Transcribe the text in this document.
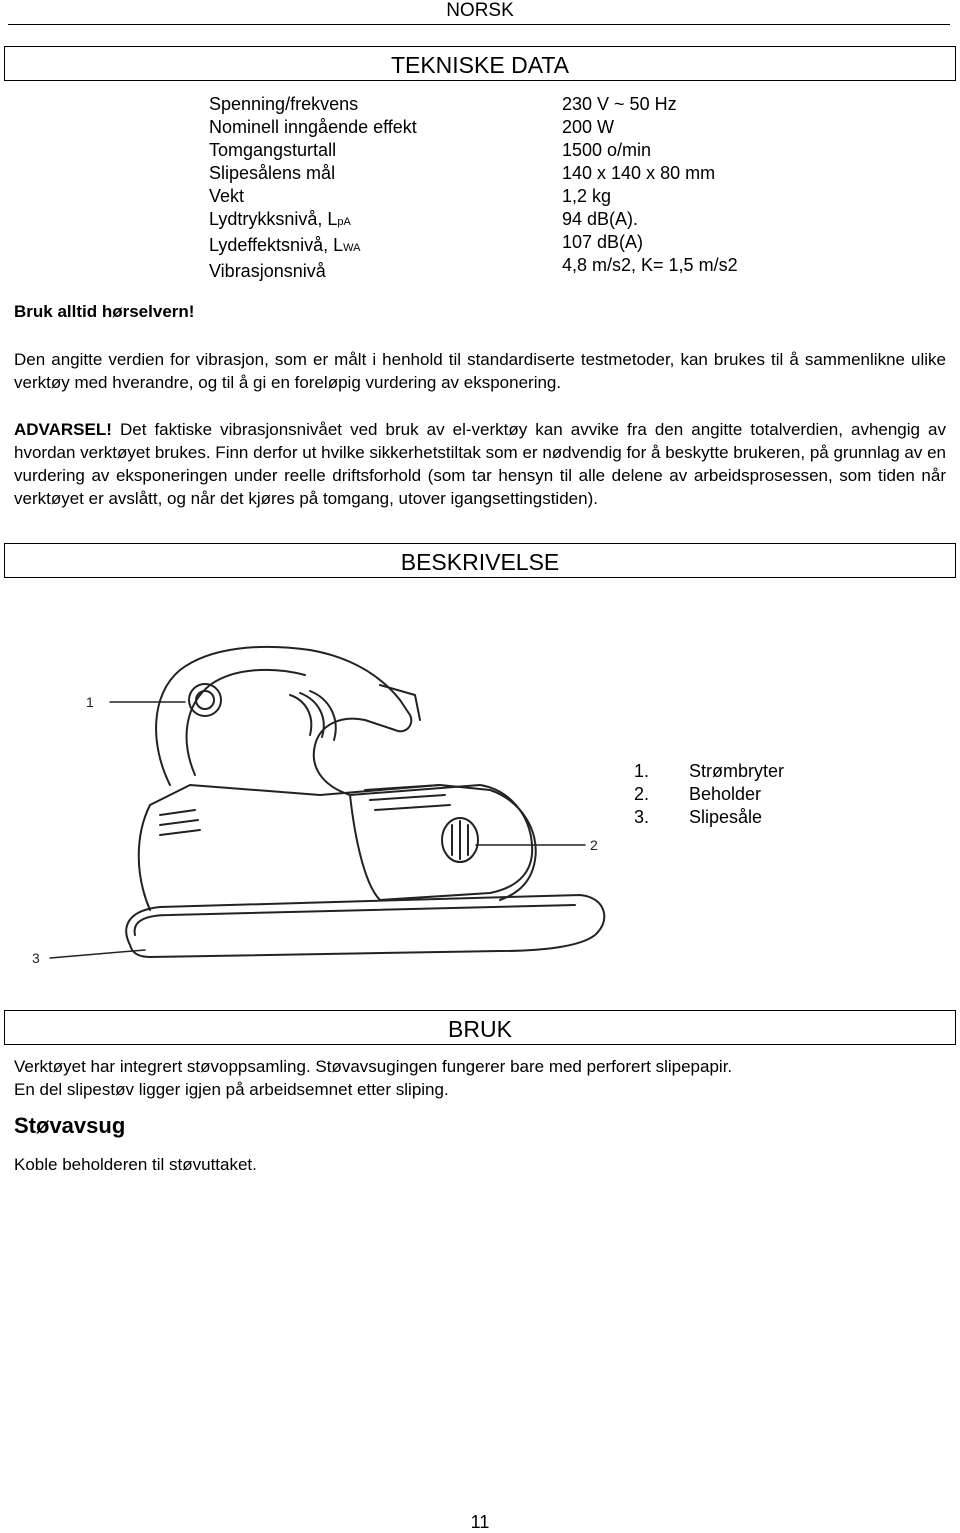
NORSK
TEKNISKE DATA
Spenning/frekvens
Nominell inngående effekt
Tomgangsturtall
Slipesålens mål
Vekt
Lydtrykksnivå, LpA
Lydeffektsnivå, LWA
Vibrasjonsnivå
230 V ~ 50 Hz
200 W
1500 o/min
140 x 140 x 80 mm
1,2 kg
94 dB(A).
107 dB(A)
4,8 m/s2, K= 1,5 m/s2
Bruk alltid hørselvern!
Den angitte verdien for vibrasjon, som er målt i henhold til standardiserte testmetoder, kan brukes til å sammenlikne ulike verktøy med hverandre, og til å gi en foreløpig vurdering av eksponering.
ADVARSEL! Det faktiske vibrasjonsnivået ved bruk av el-verktøy kan avvike fra den angitte totalverdien, avhengig av hvordan verktøyet brukes. Finn derfor ut hvilke sikkerhetstiltak som er nødvendig for å beskytte brukeren, på grunnlag av en vurdering av eksponeringen under reelle driftsforhold (som tar hensyn til alle delene av arbeidsprosessen, som tiden når verktøyet er avslått, og når det kjøres på tomgang, utover igangsettingstiden).
BESKRIVELSE
1
2
3
1. Strømbryter
2. Beholder
3. Slipesåle
BRUK
Verktøyet har integrert støvoppsamling. Støvavsugingen fungerer bare med perforert slipepapir.
En del slipestøv ligger igjen på arbeidsemnet etter sliping.
Støvavsug
Koble beholderen til støvuttaket.
11
